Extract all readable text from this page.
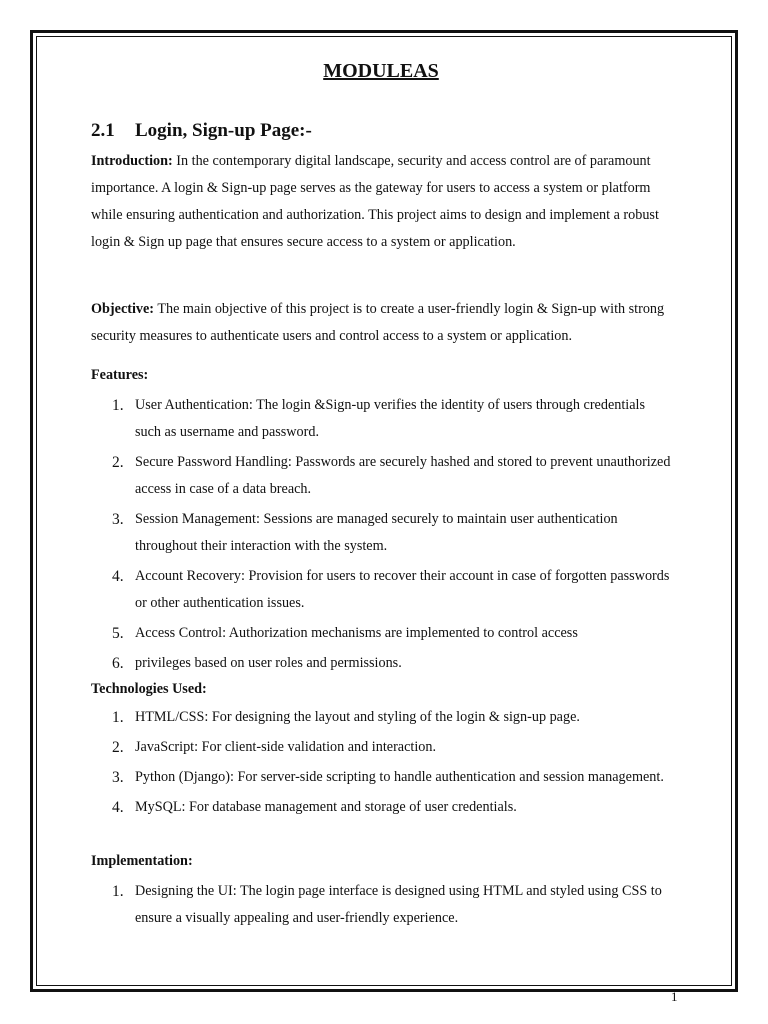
MODULEAS
2.1 Login, Sign-up Page:-

Introduction: In the contemporary digital landscape, security and access control are of paramount importance. A login & Sign-up page serves as the gateway for users to access a system or platform while ensuring authentication and authorization. This project aims to design and implement a robust login & Sign up page that ensures secure access to a system or application.

Objective: The main objective of this project is to create a user-friendly login & Sign-up with strong security measures to authenticate users and control access to a system or application.

Features:

1. User Authentication: The login &Sign-up verifies the identity of users through credentials such as username and password.
2. Secure Password Handling: Passwords are securely hashed and stored to prevent unauthorized access in case of a data breach.
3. Session Management: Sessions are managed securely to maintain user authentication throughout their interaction with the system.
4. Account Recovery: Provision for users to recover their account in case of forgotten passwords or other authentication issues.
5. Access Control: Authorization mechanisms are implemented to control access
6. privileges based on user roles and permissions.

Technologies Used:

1. HTML/CSS: For designing the layout and styling of the login & sign-up page.
2. JavaScript: For client-side validation and interaction.
3. Python (Django): For server-side scripting to handle authentication and session management.
4. MySQL: For database management and storage of user credentials.

Implementation:

1. Designing the UI: The login page interface is designed using HTML and styled using CSS to ensure a visually appealing and user-friendly experience.
1
